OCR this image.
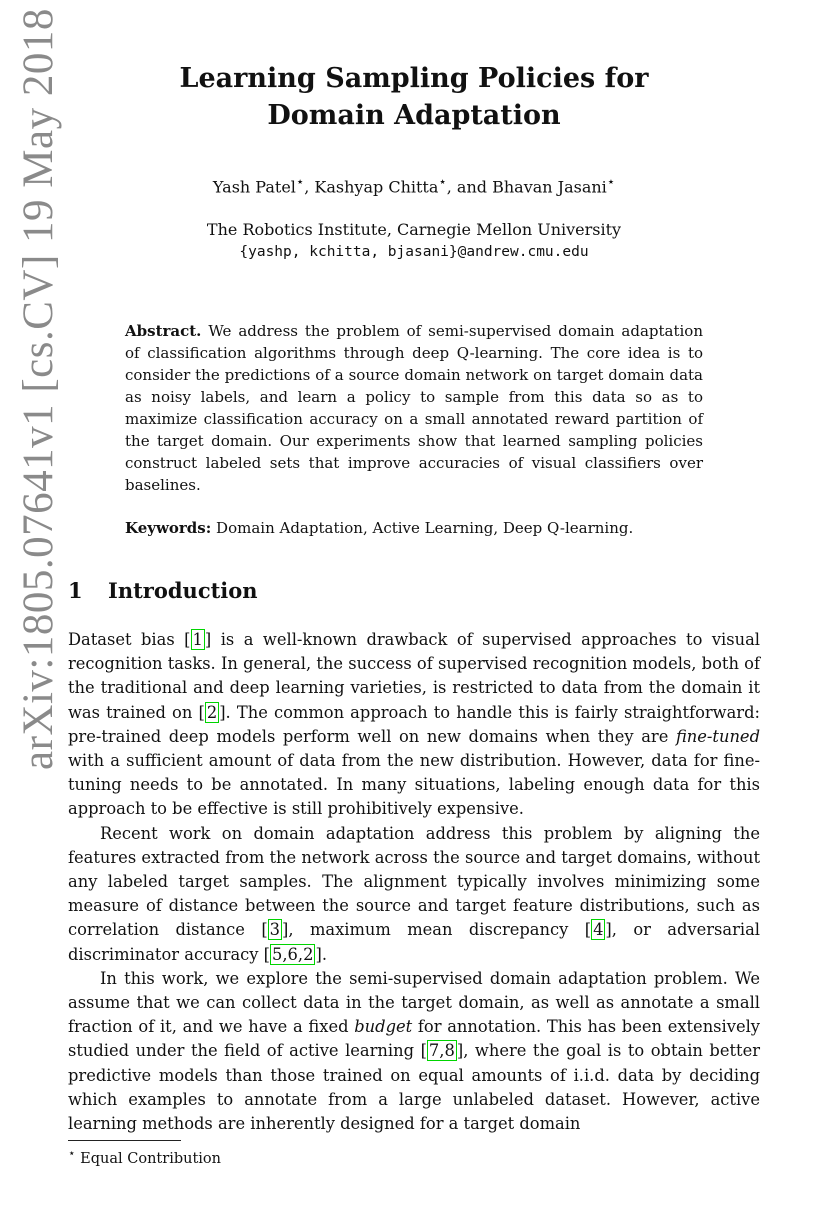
arXiv:1805.07641v1 [cs.CV] 19 May 2018	Learning Sampling Policies for
Domain Adaptation
Yash Patel⋆, Kashyap Chitta⋆, and Bhavan Jasani⋆
The Robotics Institute, Carnegie Mellon University
{yashp, kchitta, bjasani}@andrew.cmu.edu
Abstract. We address the problem of semi-supervised domain adaptation of classification algorithms through deep Q-learning. The core idea is to consider the predictions of a source domain network on target domain data as noisy labels, and learn a policy to sample from this data so as to maximize classification accuracy on a small annotated reward partition of the target domain. Our experiments show that learned sampling policies construct labeled sets that improve accuracies of visual classifiers over baselines.
Keywords: Domain Adaptation, Active Learning, Deep Q-learning.
1 Introduction

Dataset bias [ 1 ] is a well-known drawback of supervised approaches to visual recognition tasks. In general, the success of supervised recognition models, both of the traditional and deep learning varieties, is restricted to data from the domain it was trained on [ 2 ]. The common approach to handle this is fairly straightforward: pre-trained deep models perform well on new domains when they are fine-tuned with a sufficient amount of data from the new distribution. However, data for fine-tuning needs to be annotated. In many situations, labeling enough data for this approach to be effective is still prohibitively expensive.

Recent work on domain adaptation address this problem by aligning the features extracted from the network across the source and target domains, without any labeled target samples. The alignment typically involves minimizing some measure of distance between the source and target feature distributions, such as correlation distance [ 3 ], maximum mean discrepancy [ 4 ], or adversarial discriminator accuracy [ 5,6,2 ].

In this work, we explore the semi-supervised domain adaptation problem. We assume that we can collect data in the target domain, as well as annotate a small fraction of it, and we have a fixed budget for annotation. This has been extensively studied under the field of active learning [ 7,8 ], where the goal is to obtain better predictive models than those trained on equal amounts of i.i.d. data by deciding which examples to annotate from a large unlabeled dataset. However, active learning methods are inherently designed for a target domain

⋆ Equal Contribution
